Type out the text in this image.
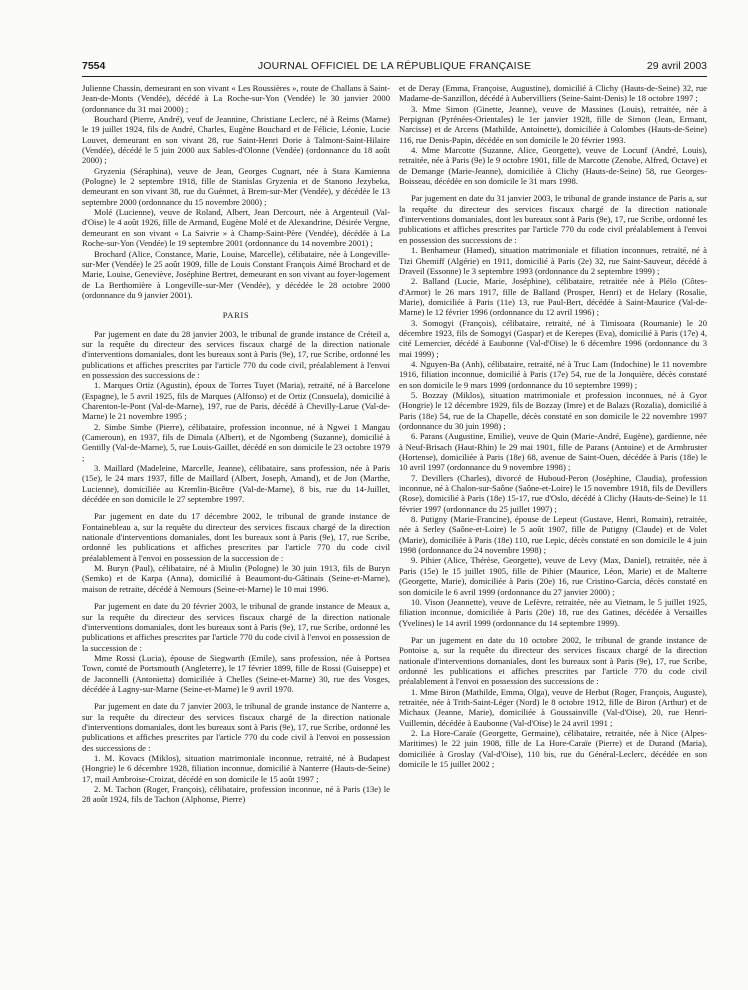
7554	JOURNAL OFFICIEL DE LA RÉPUBLIQUE FRANÇAISE	29 avril 2003

Julienne Chassin, demeurant en son vivant « Les Roussières », route de Challans à Saint-Jean-de-Monts (Vendée), décédé à La Roche-sur-Yon (Vendée) le 30 janvier 2000 (ordonnance du 31 mai 2000) ;

Bouchard (Pierre, André), veuf de Jeannine, Christiane Leclerc, né à Reims (Marne) le 19 juillet 1924, fils de André, Charles, Eugène Bouchard et de Félicie, Léonie, Lucie Louvet, demeurant en son vivant 28, rue Saint-Henri Dorie à Talmont-Saint-Hilaire (Vendée), décédé le 5 juin 2000 aux Sables-d'Olonne (Vendée) (ordonnance du 18 août 2000) ;

Gryzenia (Séraphina), veuve de Jean, Georges Cugnart, née à Stara Kamienna (Pologne) le 2 septembre 1918, fille de Stanislas Gryzenia et de Stanono Jezybeka, demeurant en son vivant 38, rue du Guénnet, à Brem-sur-Mer (Vendée), y décédée le 13 septembre 2000 (ordonnance du 15 novembre 2000) ;

Molé (Lucienne), veuve de Roland, Albert, Jean Dercourt, née à Argenteuil (Val-d'Oise) le 4 août 1926, fille de Armand, Eugène Molé et de Alexandrine, Désirée Vergne, demeurant en son vivant « La Saivrie » à Champ-Saint-Père (Vendée), décédée à La Roche-sur-Yon (Vendée) le 19 septembre 2001 (ordonnance du 14 novembre 2001) ;

Brochard (Alice, Constance, Marie, Louise, Marcelle), célibataire, née à Longeville-sur-Mer (Vendée) le 25 août 1909, fille de Louis Constant François Aimé Brochard et de Marie, Louise, Geneviève, Joséphine Bertret, demeurant en son vivant au foyer-logement de La Berthomière à Longeville-sur-Mer (Vendée), y décédée le 28 octobre 2000 (ordonnance du 9 janvier 2001).

PARIS

Par jugement en date du 28 janvier 2003, le tribunal de grande instance de Créteil a, sur la requête du directeur des services fiscaux chargé de la direction nationale d'interventions domaniales, dont les bureaux sont à Paris (9e), 17, rue Scribe, ordonné les publications et affiches prescrites par l'article 770 du code civil, préalablement à l'envoi en possession des successions de :

1. Marques Ortiz (Agustin), époux de Torres Tuyet (Maria), retraité, né à Barcelone (Espagne), le 5 avril 1925, fils de Marques (Alfonso) et de Ortiz (Consuela), domicilié à Charenton-le-Pont (Val-de-Marne), 197, rue de Paris, décédé à Chevilly-Larue (Val-de-Marne) le 21 novembre 1995 ;

2. Simbe Simbe (Pierre), célibataire, profession inconnue, né à Ngwei 1 Mangau (Cameroun), en 1937, fils de Dimala (Albert), et de Ngombeng (Suzanne), domicilié à Gentilly (Val-de-Marne), 5, rue Louis-Gaillet, décédé en son domicile le 23 octobre 1979 ;

3. Maillard (Madeleine, Marcelle, Jeanne), célibataire, sans profession, née à Paris (15e), le 24 mars 1937, fille de Maillard (Albert, Joseph, Amand), et de Jon (Marthe, Lucienne), domiciliée au Kremlin-Bicêtre (Val-de-Marne), 8 bis, rue du 14-Juillet, décédée en son domicile le 27 septembre 1997.

Par jugement en date du 17 décembre 2002, le tribunal de grande instance de Fontainebleau a, sur la requête du directeur des services fiscaux chargé de la direction nationale d'interventions domaniales, dont les bureaux sont à Paris (9e), 17, rue Scribe, ordonné les publications et affiches prescrites par l'article 770 du code civil préalablement à l'envoi en possession de la succession de :

M. Buryn (Paul), célibataire, né à Miulin (Pologne) le 30 juin 1913, fils de Buryn (Semko) et de Karpa (Anna), domicilié à Beaumont-du-Gâtinais (Seine-et-Marne), maison de retraite, décédé à Nemours (Seine-et-Marne) le 10 mai 1996.

Par jugement en date du 20 février 2003, le tribunal de grande instance de Meaux a, sur la requête du directeur des services fiscaux chargé de la direction nationale d'interventions domaniales, dont les bureaux sont à Paris (9e), 17, rue Scribe, ordonné les publications et affiches prescrites par l'article 770 du code civil à l'envoi en possession de la succession de :

Mme Rossi (Lucia), épouse de Siegwarth (Emile), sans profession, née à Portsea Town, comté de Portsmouth (Angleterre), le 17 février 1899, fille de Rossi (Guiseppe) et de Jaconnelli (Antonietta) domiciliée à Chelles (Seine-et-Marne) 30, rue des Vosges, décédée à Lagny-sur-Marne (Seine-et-Marne) le 9 avril 1970.

Par jugement en date du 7 janvier 2003, le tribunal de grande instance de Nanterre a, sur la requête du directeur des services fiscaux chargé de la direction nationale d'interventions domaniales, dont les bureaux sont à Paris (9e), 17, rue Scribe, ordonné les publications et affiches prescrites par l'article 770 du code civil à l'envoi en possession des successions de :

1. M. Kovacs (Miklos), situation matrimoniale inconnue, retraité, né à Budapest (Hongrie) le 6 décembre 1928, filiation inconnue, domicilié à Nanterre (Hauts-de-Seine) 17, mail Ambroise-Croizat, décédé en son domicile le 15 août 1997 ;

2. M. Tachon (Roger, François), célibataire, profession inconnue, né à Paris (13e) le 28 août 1924, fils de Tachon (Alphonse, Pierre)

et de Deray (Emma, Françoise, Augustine), domicilié à Clichy (Hauts-de-Seine) 32, rue Madame-de-Sanzillon, décédé à Aubervilliers (Seine-Saint-Denis) le 18 octobre 1997 ;

3. Mme Simon (Ginette, Jeanne), veuve de Massines (Louis), retraitée, née à Perpignan (Pyrénées-Orientales) le 1er janvier 1928, fille de Simon (Jean, Ermant, Narcisse) et de Arcens (Mathilde, Antoinette), domiciliée à Colombes (Hauts-de-Seine) 116, rue Denis-Papin, décédée en son domicile le 20 février 1993.

4. Mme Marcotte (Suzanne, Alice, Georgette), veuve de Locunf (André, Louis), retraitée, née à Paris (9e) le 9 octobre 1901, fille de Marcotte (Zenobe, Alfred, Octave) et de Demange (Marie-Jeanne), domiciliée à Clichy (Hauts-de-Seine) 58, rue Georges-Boisseau, décédée en son domicile le 31 mars 1998.

Par jugement en date du 31 janvier 2003, le tribunal de grande instance de Paris a, sur la requête du directeur des services fiscaux chargé de la direction nationale d'interventions domaniales, dont les bureaux sont à Paris (9e), 17, rue Scribe, ordonné les publications et affiches prescrites par l'article 770 du code civil préalablement à l'envoi en possession des successions de :

1. Benhameur (Hamed), situation matrimoniale et filiation inconnues, retraité, né à Tizi Ghemiff (Algérie) en 1911, domicilié à Paris (2e) 32, rue Saint-Sauveur, décédé à Draveil (Essonne) le 3 septembre 1993 (ordonnance du 2 septembre 1999) ;

2. Balland (Lucie, Marie, Joséphine), célibataire, retraitée née à Plélo (Côtes-d'Armor) le 26 mars 1917, fille de Balland (Prosper, Henri) et de Helary (Rosalie, Marie), domiciliée à Paris (11e) 13, rue Paul-Bert, décédée à Saint-Maurice (Val-de-Marne) le 12 février 1996 (ordonnance du 12 avril 1996) ;

3. Somogyi (François), célibataire, retraité, né à Timisoara (Roumanie) le 20 décembre 1923, fils de Somogyi (Gaspar) et de Kerepes (Eva), domicilié à Paris (17e) 4, cité Lemercier, décédé à Eaubonne (Val-d'Oise) le 6 décembre 1996 (ordonnance du 3 mai 1999) ;

4. Nguyen-Ba (Anh), célibataire, retraité, né à Truc Lam (Indochine) le 11 novembre 1916, filiation inconnue, domicilié à Paris (17e) 54, rue de la Jonquière, décès constaté en son domicile le 9 mars 1999 (ordonnance du 10 septembre 1999) ;

5. Bozzay (Miklos), situation matrimoniale et profession inconnues, né à Gyor (Hongrie) le 12 décembre 1929, fils de Bozzay (Imre) et de Balazs (Rozalia), domicilié à Paris (18e) 54, rue de la Chapelle, décès constaté en son domicile le 22 novembre 1997 (ordonnance du 30 juin 1998) ;

6. Parans (Augustine, Emilie), veuve de Quin (Marie-André, Eugène), gardienne, née à Neuf-Brisach (Haut-Rhin) le 29 mai 1901, fille de Parans (Antoine) et de Armbruster (Hortense), domiciliée à Paris (18e) 68, avenue de Saint-Ouen, décédée à Paris (18e) le 10 avril 1997 (ordonnance du 9 novembre 1998) ;

7. Devillers (Charles), divorcé de Huboud-Peron (Joséphine, Claudia), profession inconnue, né à Chalon-sur-Saône (Saône-et-Loire) le 15 novembre 1918, fils de Devillers (Rose), domicilié à Paris (18e) 15-17, rue d'Oslo, décédé à Clichy (Hauts-de-Seine) le 11 février 1997 (ordonnance du 25 juillet 1997) ;

8. Putigny (Marie-Francine), épouse de Lepeut (Gustave, Henri, Romain), retraitée, née à Serley (Saône-et-Loire) le 5 août 1907, fille de Putigny (Claude) et de Volet (Marie), domiciliée à Paris (18e) 110, rue Lepic, décès constaté en son domicile le 4 juin 1998 (ordonnance du 24 novembre 1998) ;

9. Pihier (Alice, Thérèse, Georgette), veuve de Levy (Max, Daniel), retraitée, née à Paris (15e) le 15 juillet 1905, fille de Pihier (Maurice, Léon, Marie) et de Malterre (Georgette, Marie), domiciliée à Paris (20e) 16, rue Cristino-Garcia, décès constaté en son domicile le 6 avril 1999 (ordonnance du 27 janvier 2000) ;

10. Vison (Jeannette), veuve de Lefèvre, retraitée, née au Vietnam, le 5 juillet 1925, filiation inconnue, domiciliée à Paris (20e) 18, rue des Gatines, décédée à Versailles (Yvelines) le 14 avril 1999 (ordonnance du 14 septembre 1999).

Par un jugement en date du 10 octobre 2002, le tribunal de grande instance de Pontoise a, sur la requête du directeur des services fiscaux chargé de la direction nationale d'interventions domaniales, dont les bureaux sont à Paris (9e), 17, rue Scribe, ordonné les publications et affiches prescrites par l'article 770 du code civil préalablement à l'envoi en possession des successions de :

1. Mme Biron (Mathilde, Emma, Olga), veuve de Herbut (Roger, François, Auguste), retraitée, née à Trith-Saint-Léger (Nord) le 8 octobre 1912, fille de Biron (Arthur) et de Michaux (Jeanne, Marie), domiciliée à Goussainville (Val-d'Oise), 20, rue Henri-Vuillemin, décédée à Eaubonne (Val-d'Oise) le 24 avril 1991 ;

2. La Hore-Caraïe (Georgette, Germaine), célibataire, retraitée, née à Nice (Alpes-Maritimes) le 22 juin 1908, fille de La Hore-Caraïe (Pierre) et de Durand (Maria), domiciliée à Groslay (Val-d'Oise), 110 bis, rue du Général-Leclerc, décédée en son domicile le 15 juillet 2002 ;
